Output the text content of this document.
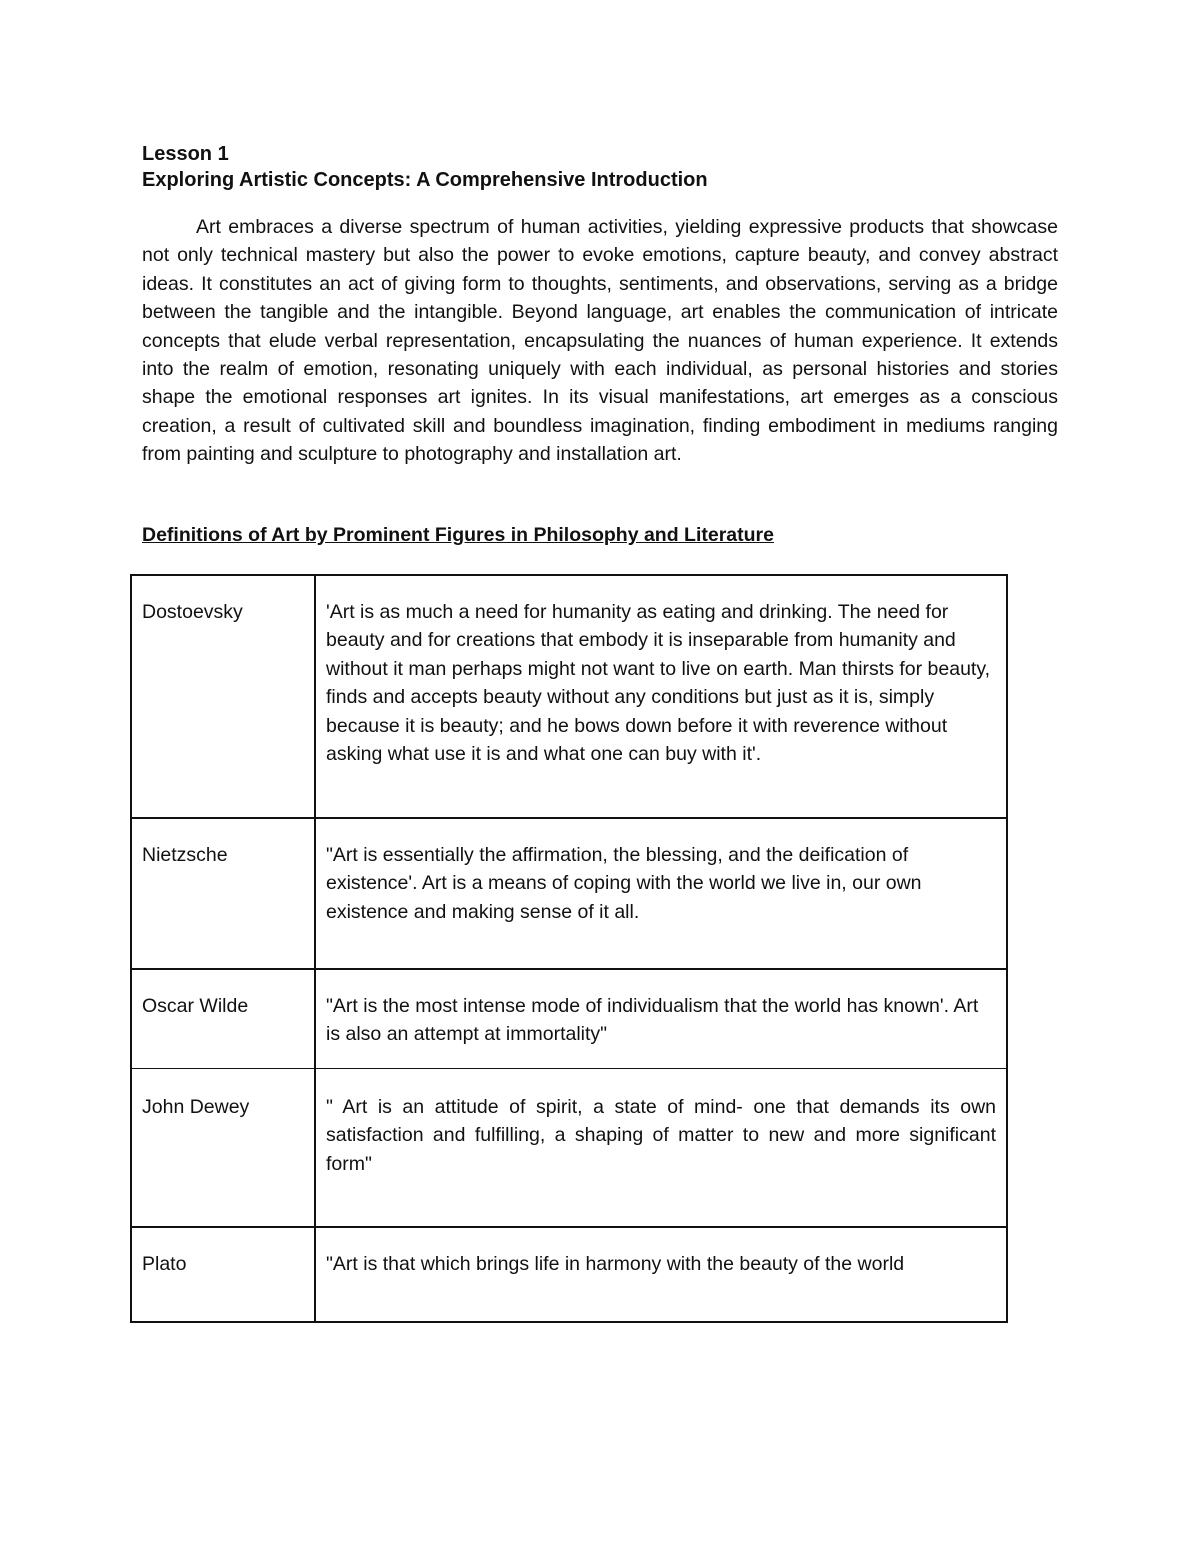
Lesson 1

Exploring Artistic Concepts: A Comprehensive Introduction

Art embraces a diverse spectrum of human activities, yielding expressive products that showcase not only technical mastery but also the power to evoke emotions, capture beauty, and convey abstract ideas. It constitutes an act of giving form to thoughts, sentiments, and observations, serving as a bridge between the tangible and the intangible. Beyond language, art enables the communication of intricate concepts that elude verbal representation, encapsulating the nuances of human experience. It extends into the realm of emotion, resonating uniquely with each individual, as personal histories and stories shape the emotional responses art ignites. In its visual manifestations, art emerges as a conscious creation, a result of cultivated skill and boundless imagination, finding embodiment in mediums ranging from painting and sculpture to photography and installation art.

Definitions of Art by Prominent Figures in Philosophy and Literature

Dostoevsky	'Art is as much a need for humanity as eating and drinking. The need for beauty and for creations that embody it is inseparable from humanity and without it man perhaps might not want to live on earth. Man thirsts for beauty, finds and accepts beauty without any conditions but just as it is, simply because it is beauty; and he bows down before it with reverence without asking what use it is and what one can buy with it'.
Nietzsche	"Art is essentially the affirmation, the blessing, and the deification of existence'. Art is a means of coping with the world we live in, our own existence and making sense of it all.
Oscar Wilde	"Art is the most intense mode of individualism that the world has known'. Art is also an attempt at immortality"
John Dewey	" Art is an attitude of spirit, a state of mind- one that demands its own satisfaction and fulfilling, a shaping of matter to new and more significant form"
Plato	"Art is that which brings life in harmony with the beauty of the world
